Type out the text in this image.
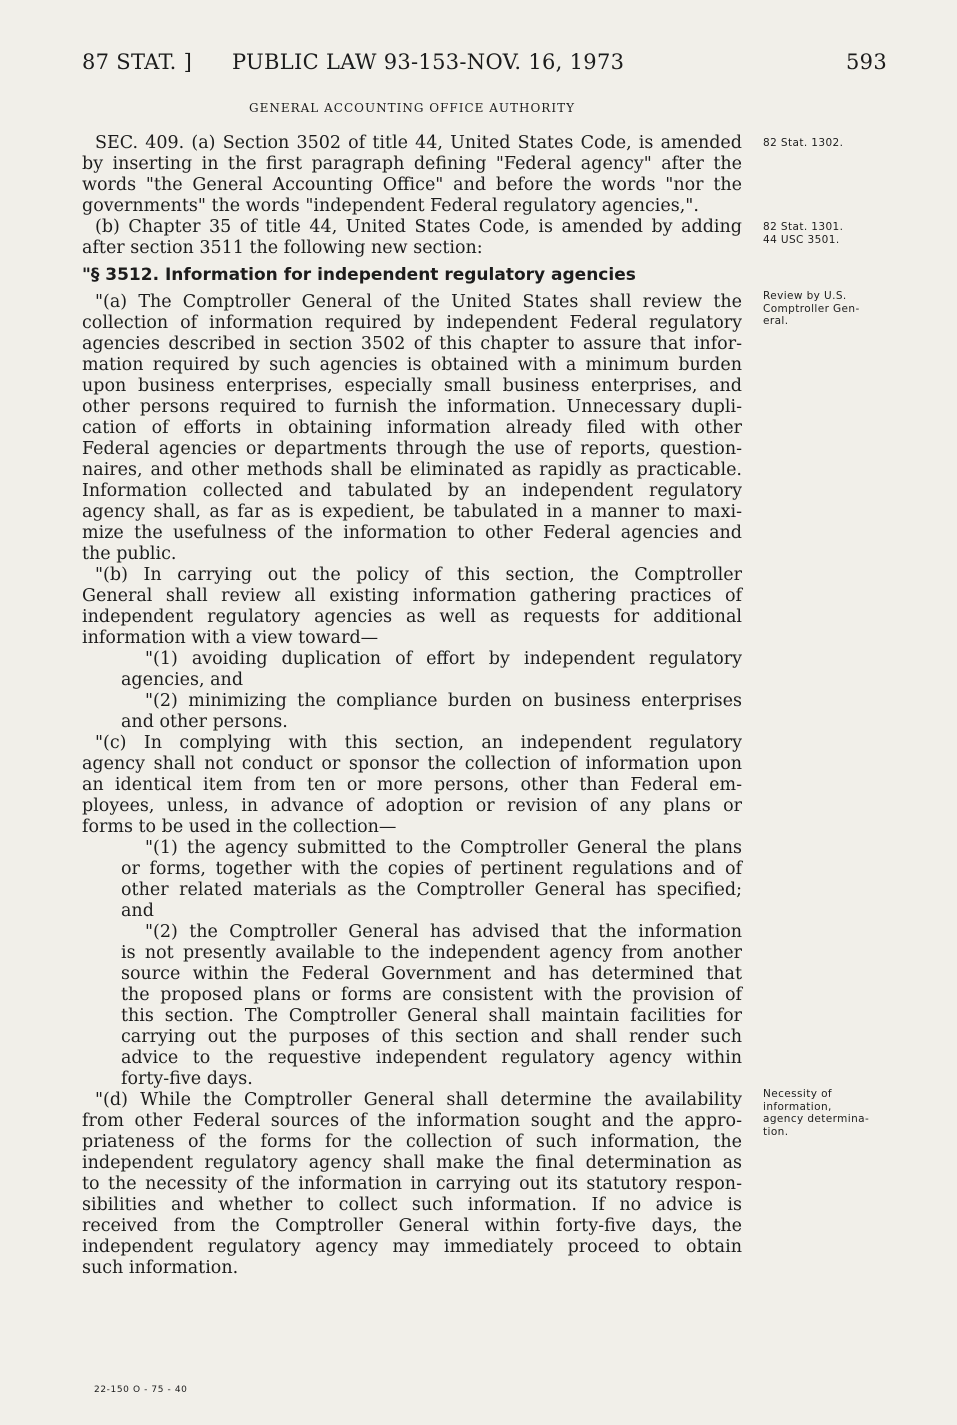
87 STAT. ] PUBLIC LAW 93-153-NOV. 16, 1973	593
GENERAL ACCOUNTING OFFICE AUTHORITY
SEC. 409. (a) Section 3502 of title 44, United States Code, is amended
by inserting in the first paragraph defining "Federal agency" after the
words "the General Accounting Office" and before the words "nor the
governments" the words "independent Federal regulatory agencies,".
(b) Chapter 35 of title 44, United States Code, is amended by adding
after section 3511 the following new section:
"§ 3512. Information for independent regulatory agencies
"(a) The Comptroller General of the United States shall review the
collection of information required by independent Federal regulatory
agencies described in section 3502 of this chapter to assure that infor-
mation required by such agencies is obtained with a minimum burden
upon business enterprises, especially small business enterprises, and
other persons required to furnish the information. Unnecessary dupli-
cation of efforts in obtaining information already filed with other
Federal agencies or departments through the use of reports, question-
naires, and other methods shall be eliminated as rapidly as practicable.
Information collected and tabulated by an independent regulatory
agency shall, as far as is expedient, be tabulated in a manner to maxi-
mize the usefulness of the information to other Federal agencies and
the public.
"(b) In carrying out the policy of this section, the Comptroller
General shall review all existing information gathering practices of
independent regulatory agencies as well as requests for additional
information with a view toward—
"(1) avoiding duplication of effort by independent regulatory
agencies, and
"(2) minimizing the compliance burden on business enterprises
and other persons.
"(c) In complying with this section, an independent regulatory
agency shall not conduct or sponsor the collection of information upon
an identical item from ten or more persons, other than Federal em-
ployees, unless, in advance of adoption or revision of any plans or
forms to be used in the collection—
"(1) the agency submitted to the Comptroller General the plans
or forms, together with the copies of pertinent regulations and of
other related materials as the Comptroller General has specified;
and
"(2) the Comptroller General has advised that the information
is not presently available to the independent agency from another
source within the Federal Government and has determined that
the proposed plans or forms are consistent with the provision of
this section. The Comptroller General shall maintain facilities for
carrying out the purposes of this section and shall render such
advice to the requestive independent regulatory agency within
forty-five days.
"(d) While the Comptroller General shall determine the availability
from other Federal sources of the information sought and the appro-
priateness of the forms for the collection of such information, the
independent regulatory agency shall make the final determination as
to the necessity of the information in carrying out its statutory respon-
sibilities and whether to collect such information. If no advice is
received from the Comptroller General within forty-five days, the
independent regulatory agency may immediately proceed to obtain
such information.
82 Stat. 1302.
82 Stat. 1301.
44 USC 3501.
Review by U.S.
Comptroller Gen-
eral.
Necessity of
information,
agency determina-
tion.
22-150 O - 75 - 40
